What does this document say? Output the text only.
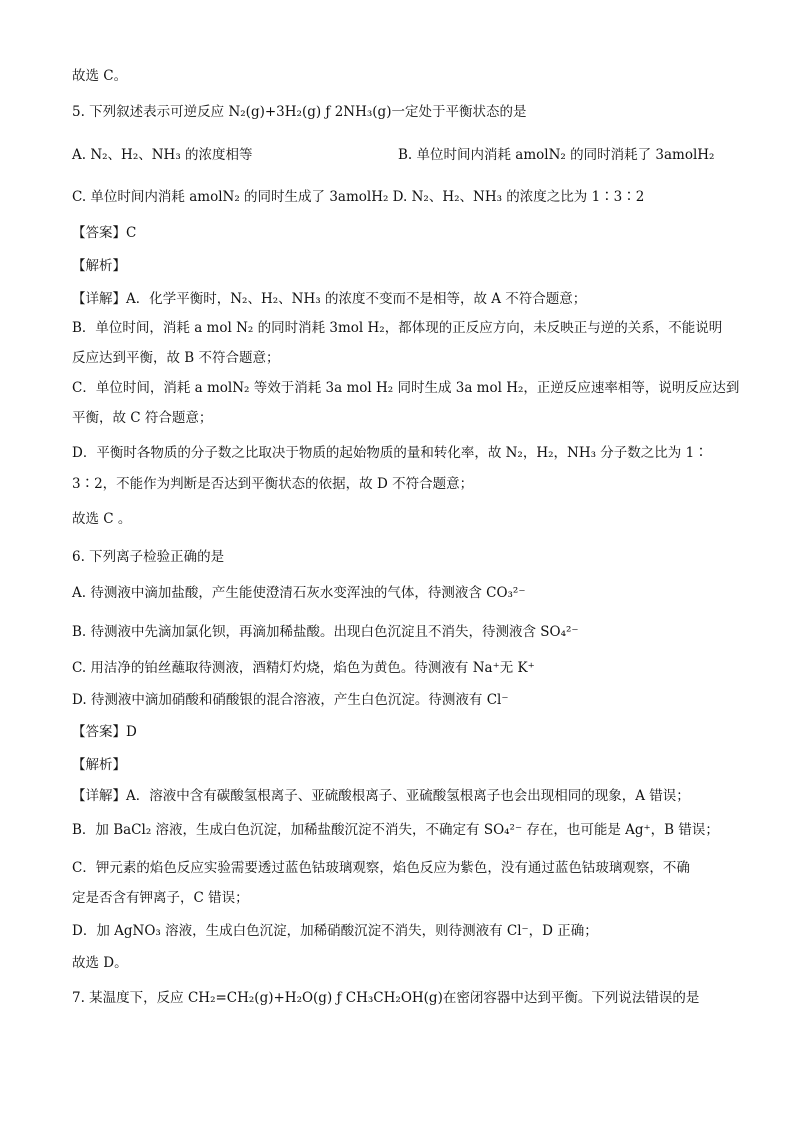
故选 C。
5. 下列叙述表示可逆反应 N₂(g)+3H₂(g) ƒ 2NH₃(g)一定处于平衡状态的是
A. N₂、H₂、NH₃ 的浓度相等	B. 单位时间内消耗 amolN₂ 的同时消耗了 3amolH₂
C. 单位时间内消耗 amolN₂ 的同时生成了 3amolH₂ D. N₂、H₂、NH₃ 的浓度之比为 1∶3∶2
【答案】C
【解析】
【详解】A．化学平衡时，N₂、H₂、NH₃ 的浓度不变而不是相等，故 A 不符合题意；
B．单位时间，消耗 a mol N₂ 的同时消耗 3mol H₂，都体现的正反应方向，未反映正与逆的关系，不能说明
反应达到平衡，故 B 不符合题意；
C．单位时间，消耗 a molN₂ 等效于消耗 3a mol H₂ 同时生成 3a mol H₂，正逆反应速率相等，说明反应达到
平衡，故 C 符合题意；
D．平衡时各物质的分子数之比取决于物质的起始物质的量和转化率，故 N₂，H₂，NH₃ 分子数之比为 1∶
3∶2，不能作为判断是否达到平衡状态的依据，故 D 不符合题意；
故选 C 。
6. 下列离子检验正确的是
A. 待测液中滴加盐酸，产生能使澄清石灰水变浑浊的气体，待测液含 CO₃²⁻
B. 待测液中先滴加氯化钡，再滴加稀盐酸。出现白色沉淀且不消失，待测液含 SO₄²⁻
C. 用洁净的铂丝蘸取待测液，酒精灯灼烧，焰色为黄色。待测液有 Na⁺无 K⁺
D. 待测液中滴加硝酸和硝酸银的混合溶液，产生白色沉淀。待测液有 Cl⁻
【答案】D
【解析】
【详解】A．溶液中含有碳酸氢根离子、亚硫酸根离子、亚硫酸氢根离子也会出现相同的现象，A 错误；
B．加 BaCl₂ 溶液，生成白色沉淀，加稀盐酸沉淀不消失，不确定有 SO₄²⁻ 存在，也可能是 Ag⁺，B 错误；
C．钾元素的焰色反应实验需要透过蓝色钴玻璃观察，焰色反应为紫色，没有通过蓝色钴玻璃观察，不确
定是否含有钾离子，C 错误；
D．加 AgNO₃ 溶液，生成白色沉淀，加稀硝酸沉淀不消失，则待测液有 Cl⁻，D 正确；
故选 D。
7. 某温度下，反应 CH₂=CH₂(g)+H₂O(g) ƒ CH₃CH₂OH(g)在密闭容器中达到平衡。下列说法错误的是
